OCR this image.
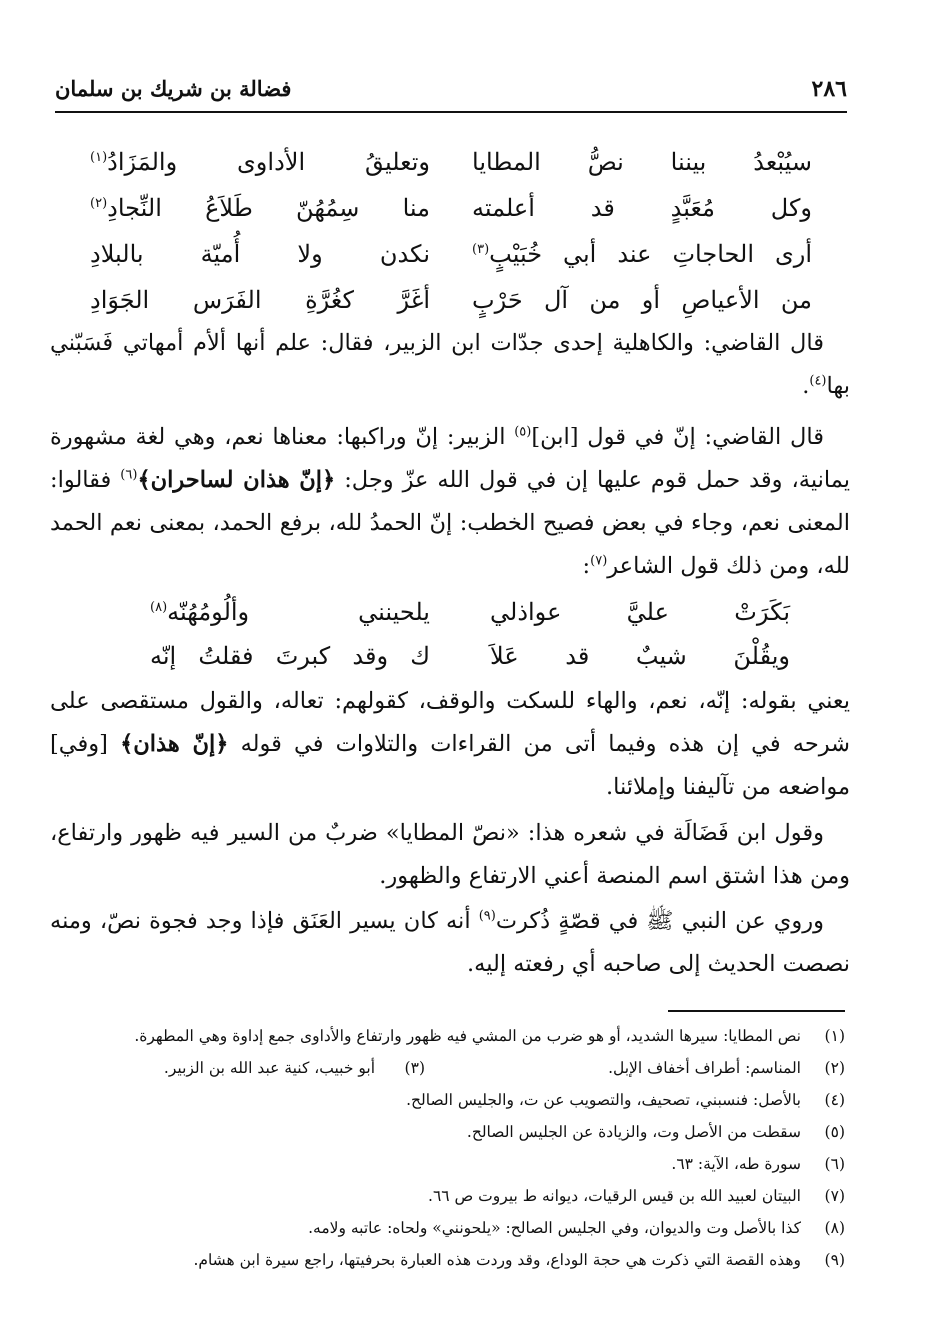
٢٨٦
فضالة بن شريك بن سلمان
سيُبْعدُ بيننا نصُّ المطايا
وتعليقُ الأداوى والمَزَادُ$^{(١)}$
وكل مُعَبَّدٍ قد أعلمته
منا سِمُهُنّ طَلاَعُ النِّجادِ$^{(٢)}$
أرى الحاجاتِ عند أبي خُبَيْبٍ$^{(٣)}$
نكدن ولا أُميّة بالبلادِ
من الأعياصِ أو من آل حَرْبٍ
أغَرَّ كغُرَّةِ الفَرَس الجَوَادِ
قال القاضي: والكاهلية إحدى جدّات ابن الزبير، فقال: علم أنها ألأم أمهاتي فَسَبّني بها$^{(٤)}$.
قال القاضي: إنّ في قول [ابن]$^{(٥)}$ الزبير: إنّ وراكبها: معناها نعم، وهي لغة مشهورة يمانية، وقد حمل قوم عليها إن في قول الله عزّ وجل: ﴿إنّ هذان لساحران﴾$^{(٦)}$ فقالوا: المعنى نعم، وجاء في بعض فصيح الخطب: إنّ الحمدُ لله، برفع الحمد، بمعنى نعم الحمد لله، ومن ذلك قول الشاعر$^{(٧)}$:
بَكَرَتْ عليَّ عواذلي
يلحينني وألُومُهُنّه$^{(٨)}$
ويقُلْنَ شيبٌ قد عَلاَ
ك وقد كبرتَ فقلتُ إنّه
يعني بقوله: إنّه، نعم، والهاء للسكت والوقف، كقولهم: تعاله، والقول مستقصى على شرحه في إن هذه وفيما أتى من القراءات والتلاوات في قوله ﴿إنّ هذان﴾ [وفي] مواضعه من تآليفنا وإملائنا.
وقول ابن فَضَالَة في شعره هذا: «نصّ المطايا» ضربٌ من السير فيه ظهور وارتفاع، ومن هذا اشتق اسم المنصة أعني الارتفاع والظهور.
وروي عن النبي ﷺ في قصّةٍ ذُكرت$^{(٩)}$ أنه كان يسير العَنَق فإذا وجد فجوة نصّ، ومنه نصصت الحديث إلى صاحبه أي رفعته إليه.
(١)
نص المطايا: سيرها الشديد، أو هو ضرب من المشي فيه ظهور وارتفاع والأداوى جمع إداوة وهي المطهرة.
(٢)
المناسم: أطراف أخفاف الإبل.
(٣)
أبو خبيب، كنية عبد الله بن الزبير.
(٤)
بالأصل: فنسبني، تصحيف، والتصويب عن ت، والجليس الصالح.
(٥)
سقطت من الأصل وت، والزيادة عن الجليس الصالح.
(٦)
سورة طه، الآية: ٦٣.
(٧)
البيتان لعبيد الله بن قيس الرقيات، ديوانه ط بيروت ص ٦٦.
(٨)
كذا بالأصل وت والديوان، وفي الجليس الصالح: «يلحونني» ولحاه: عاتبه ولامه.
(٩)
وهذه القصة التي ذكرت هي حجة الوداع، وقد وردت هذه العبارة بحرفيتها، راجع سيرة ابن هشام.
